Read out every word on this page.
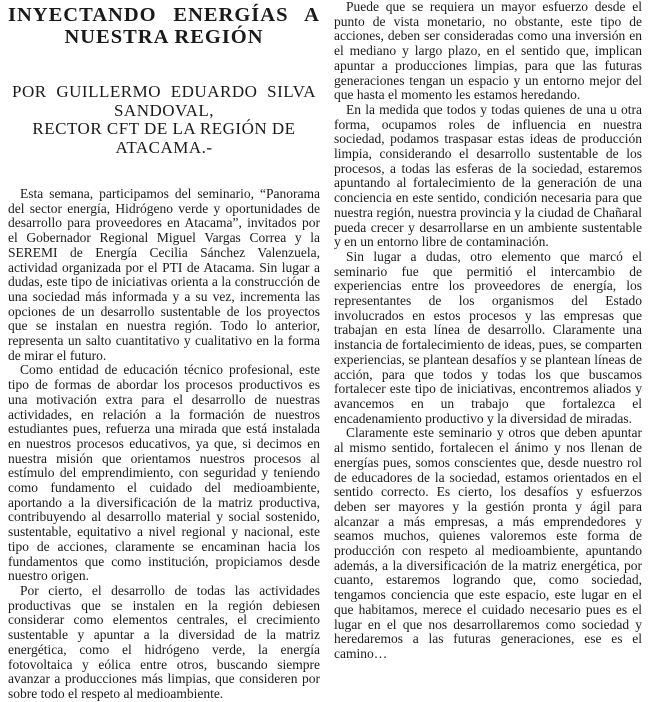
INYECTANDO ENERGÍAS A
NUESTRA REGIÓN
POR GUILLERMO EDUARDO SILVA
SANDOVAL,
RECTOR CFT DE LA REGIÓN DE
ATACAMA.-

Esta semana, participamos del seminario, “Panorama del sector energía, Hidrógeno verde y oportunidades de desarrollo para proveedores en Atacama”, invitados por el Gobernador Regional Miguel Vargas Correa y la SEREMI de Energía Cecilia Sánchez Valenzuela, actividad organizada por el PTI de Atacama. Sin lugar a dudas, este tipo de iniciativas orienta a la construcción de una sociedad más informada y a su vez, incrementa las opciones de un desarrollo sustentable de los proyectos que se instalan en nuestra región. Todo lo anterior, representa un salto cuantitativo y cualitativo en la forma de mirar el futuro.

Como entidad de educación técnico profesional, este tipo de formas de abordar los procesos productivos es una motivación extra para el desarrollo de nuestras actividades, en relación a la formación de nuestros estudiantes pues, refuerza una mirada que está instalada en nuestros procesos educativos, ya que, si decimos en nuestra misión que orientamos nuestros procesos al estímulo del emprendimiento, con seguridad y teniendo como fundamento el cuidado del medioambiente, aportando a la diversificación de la matriz productiva, contribuyendo al desarrollo material y social sostenido, sustentable, equitativo a nivel regional y nacional, este tipo de acciones, claramente se encaminan hacia los fundamentos que como institución, propiciamos desde nuestro origen.

Por cierto, el desarrollo de todas las actividades productivas que se instalen en la región debiesen considerar como elementos centrales, el crecimiento sustentable y apuntar a la diversidad de la matriz energética, como el hidrógeno verde, la energía fotovoltaica y eólica entre otros, buscando siempre avanzar a producciones más limpias, que consideren por sobre todo el respeto al medioambiente.

Puede que se requiera un mayor esfuerzo desde el punto de vista monetario, no obstante, este tipo de acciones, deben ser consideradas como una inversión en el mediano y largo plazo, en el sentido que, implican apuntar a producciones limpias, para que las futuras generaciones tengan un espacio y un entorno mejor del que hasta el momento les estamos heredando.

En la medida que todos y todas quienes de una u otra forma, ocupamos roles de influencia en nuestra sociedad, podamos traspasar estas ideas de producción limpia, considerando el desarrollo sustentable de los procesos, a todas las esferas de la sociedad, estaremos apuntando al fortalecimiento de la generación de una conciencia en este sentido, condición necesaria para que nuestra región, nuestra provincia y la ciudad de Chañaral pueda crecer y desarrollarse en un ambiente sustentable y en un entorno libre de contaminación.

Sin lugar a dudas, otro elemento que marcó el seminario fue que permitió el intercambio de experiencias entre los proveedores de energía, los representantes de los organismos del Estado involucrados en estos procesos y las empresas que trabajan en esta línea de desarrollo. Claramente una instancia de fortalecimiento de ideas, pues, se comparten experiencias, se plantean desafíos y se plantean líneas de acción, para que todos y todas los que buscamos fortalecer este tipo de iniciativas, encontremos aliados y avancemos en un trabajo que fortalezca el encadenamiento productivo y la diversidad de miradas.

Claramente este seminario y otros que deben apuntar al mismo sentido, fortalecen el ánimo y nos llenan de energías pues, somos conscientes que, desde nuestro rol de educadores de la sociedad, estamos orientados en el sentido correcto. Es cierto, los desafíos y esfuerzos deben ser mayores y la gestión pronta y ágil para alcanzar a más empresas, a más emprendedores y seamos muchos, quienes valoremos este forma de producción con respeto al medioambiente, apuntando además, a la diversificación de la matriz energética, por cuanto, estaremos logrando que, como sociedad, tengamos conciencia que este espacio, este lugar en el que habitamos, merece el cuidado necesario pues es el lugar en el que nos desarrollaremos como sociedad y heredaremos a las futuras generaciones, ese es el camino…
